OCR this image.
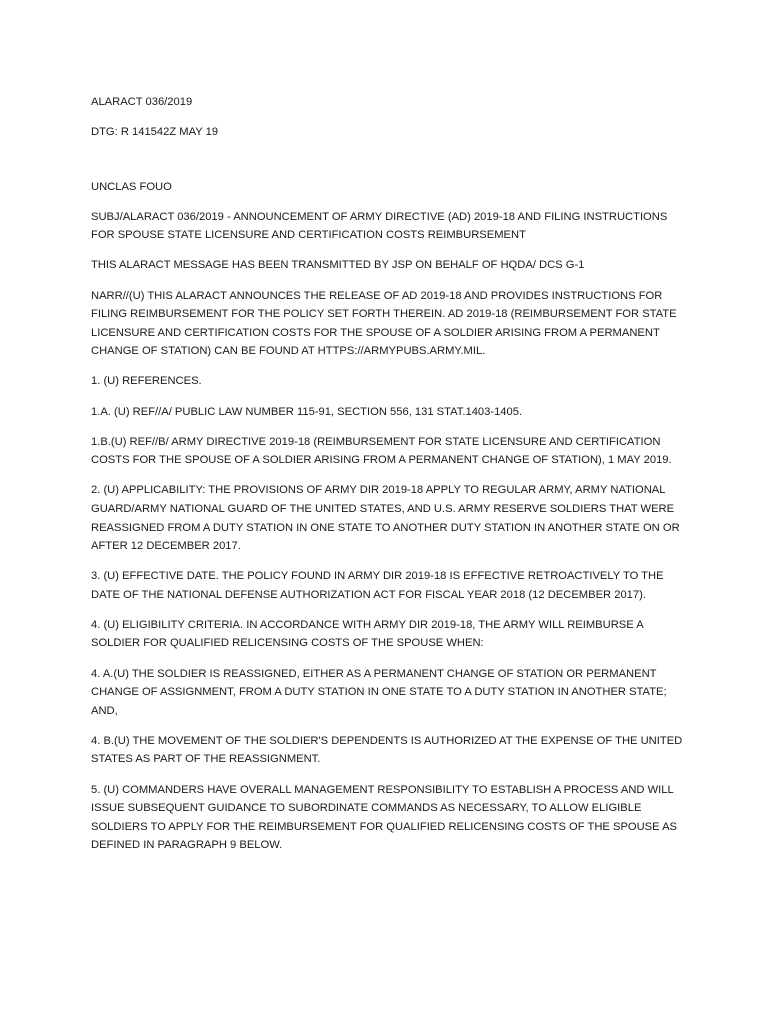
ALARACT 036/2019

DTG: R 141542Z MAY 19

UNCLAS FOUO

SUBJ/ALARACT 036/2019 - ANNOUNCEMENT OF ARMY DIRECTIVE (AD) 2019-18 AND FILING INSTRUCTIONS FOR SPOUSE STATE LICENSURE AND CERTIFICATION COSTS REIMBURSEMENT

THIS ALARACT MESSAGE HAS BEEN TRANSMITTED BY JSP ON BEHALF OF HQDA/ DCS G-1

NARR//(U) THIS ALARACT ANNOUNCES THE RELEASE OF AD 2019-18 AND PROVIDES INSTRUCTIONS FOR FILING REIMBURSEMENT FOR THE POLICY SET FORTH THEREIN. AD 2019-18 (REIMBURSEMENT FOR STATE LICENSURE AND CERTIFICATION COSTS FOR THE SPOUSE OF A SOLDIER ARISING FROM A PERMANENT CHANGE OF STATION) CAN BE FOUND AT HTTPS://ARMYPUBS.ARMY.MIL.

1. (U) REFERENCES.

1.A. (U) REF//A/ PUBLIC LAW NUMBER 115-91, SECTION 556, 131 STAT.1403-1405.

1.B.(U) REF//B/ ARMY DIRECTIVE 2019-18 (REIMBURSEMENT FOR STATE LICENSURE AND CERTIFICATION COSTS FOR THE SPOUSE OF A SOLDIER ARISING FROM A PERMANENT CHANGE OF STATION), 1 MAY 2019.

2. (U) APPLICABILITY: THE PROVISIONS OF ARMY DIR 2019-18 APPLY TO REGULAR ARMY, ARMY NATIONAL GUARD/ARMY NATIONAL GUARD OF THE UNITED STATES, AND U.S. ARMY RESERVE SOLDIERS THAT WERE REASSIGNED FROM A DUTY STATION IN ONE STATE TO ANOTHER DUTY STATION IN ANOTHER STATE ON OR AFTER 12 DECEMBER 2017.

3. (U) EFFECTIVE DATE. THE POLICY FOUND IN ARMY DIR 2019-18 IS EFFECTIVE RETROACTIVELY TO THE DATE OF THE NATIONAL DEFENSE AUTHORIZATION ACT FOR FISCAL YEAR 2018 (12 DECEMBER 2017).

4. (U) ELIGIBILITY CRITERIA. IN ACCORDANCE WITH ARMY DIR 2019-18, THE ARMY WILL REIMBURSE A SOLDIER FOR QUALIFIED RELICENSING COSTS OF THE SPOUSE WHEN:

4. A.(U) THE SOLDIER IS REASSIGNED, EITHER AS A PERMANENT CHANGE OF STATION OR PERMANENT CHANGE OF ASSIGNMENT, FROM A DUTY STATION IN ONE STATE TO A DUTY STATION IN ANOTHER STATE; AND,

4. B.(U) THE MOVEMENT OF THE SOLDIER'S DEPENDENTS IS AUTHORIZED AT THE EXPENSE OF THE UNITED STATES AS PART OF THE REASSIGNMENT.

5. (U) COMMANDERS HAVE OVERALL MANAGEMENT RESPONSIBILITY TO ESTABLISH A PROCESS AND WILL ISSUE SUBSEQUENT GUIDANCE TO SUBORDINATE COMMANDS AS NECESSARY, TO ALLOW ELIGIBLE SOLDIERS TO APPLY FOR THE REIMBURSEMENT FOR QUALIFIED RELICENSING COSTS OF THE SPOUSE AS DEFINED IN PARAGRAPH 9 BELOW.
